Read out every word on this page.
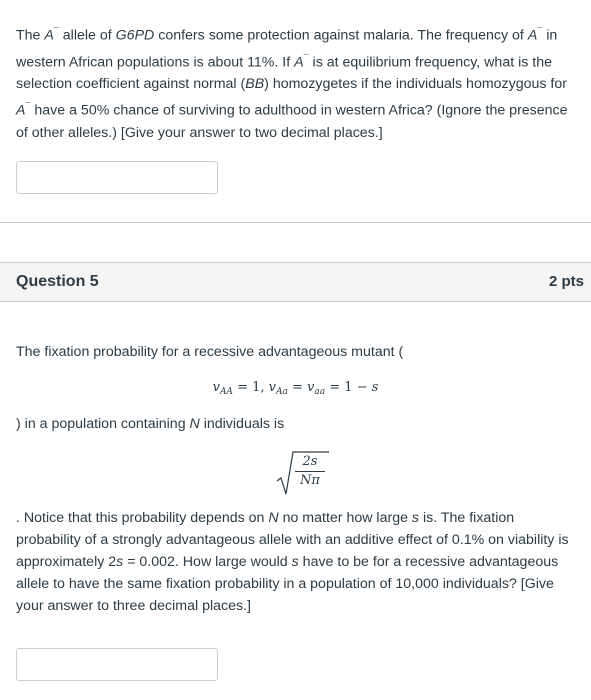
The A¯ allele of G6PD confers some protection against malaria. The frequency of A¯ in western African populations is about 11%. If A¯ is at equilibrium frequency, what is the selection coefficient against normal (BB) homozygetes if the individuals homozygous for A¯ have a 50% chance of surviving to adulthood in western Africa? (Ignore the presence of other alleles.) [Give your answer to two decimal places.]

Question 5	2 pts

The fixation probability for a recessive advantageous mutant (

$v_{AA} = 1$, $v_{Aa} = v_{aa} = 1 - s$

) in a population containing N individuals is

$\frac{2s}{N\pi}$

. Notice that this probability depends on N no matter how large s is. The fixation probability of a strongly advantageous allele with an additive effect of 0.1% on viability is approximately 2s = 0.002. How large would s have to be for a recessive advantageous allele to have the same fixation probability in a population of 10,000 individuals? [Give your answer to three decimal places.]
